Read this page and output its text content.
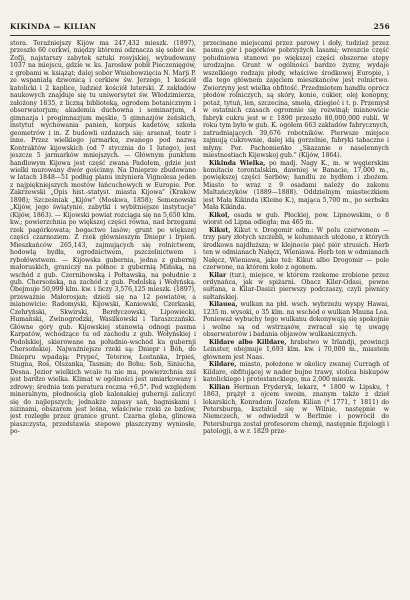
KIKINDA — KILIAN	256

stora. Teraźniejszy Kijów ma 247,432 mieszk. (1897), przeszło 60 cerkwi, między któremi odznacza się sobór św. Zofji, najstarszy zabytek sztuki rosyjskiej, wybudowany 1037 na miejscu, gdzie w. ks. Jarosław pobił Pieczenięgów, z grobami w. książąt; dalej sobór Wniebowzięcia N. Marji P. ze wspaniałą dzwonicą i cerkiew św. Jerzego, 1 kościół katolicki i 2 kaplice, ludzież kościół luterski. Z zakładów naukowych znajduje się tu uniwersytet św. Włodzimierza, założony 1835, z liczną biblioteką, ogrodem botanicznym i obserwatorjum; akademia duchowna i seminarjum, 4 gimnazja i progimnazjum męskie, 5 gimnazjów żeńskich, instytut wychowania panien, korpus kadetów, szkoła geometrów i in. Z budowli ozdazach się: arsenał, teatr i inne. Przez wielkiego jarmarku, zwanego pod nazwą Kontraktów kijowskich (od 7 stycznia do 1 lutego), jest jeszcze 5 jarmarków mniejszych. — Głównym punktem handlowym Kijowa jest część zwana Padołem, gdzie jest wielki murowany dwór gościnny. Na Dnieprze zbudowano w latach 1848—51 podług planu inżyniera Vignolesa jeden z najpiękniejszych mostów łańcuchowych w Europie. Por. Zakrzewski „Opis hist.-statyst. miasta Kijowa" (Kraków 1898); Szcześniak „Kijów" (Moskwa, 1858); Semenowski „Kijów, jego świątynie, zabytki i wybitniejsze instytucje" (Kijów, 1863). — Kijowski powiat rozciąga się na 5,650 klm. kw.; powierzchnia po większej części równa, nad brzegami rzek pagórkowata; bogactwo lasów; grunt po większej części czarnoziem. Z rzek głównieszym Dniepr i Irpień. Mieszkańców 265,143, zajmujących się rolnictwem, hodowlą bydła, ogrodnictwem, pszczelnictwem i rybołówstwem. — Kijowska gubernia, jedna z gubernij małoruskich, graniczy na północ z gubernią Mińską, na wschód z gub. Czernihowską i Połtawską, na południe z gub. Chersońską, na zachód z gub. Podolską i Wołyńską. Obejmuje 50,999 klm. kw. i liczy 3,576,125 mieszk. (1897), przeważnie Małorosjan; dzieli się na 12 powiatów, a mianowicie: Radomyski, Kijowski, Kaniowski, Czerkaski, Czehryński, Skwirski, Berdyczowski, Lipowiecki, Humański, Zwinogrodzki, Wasilkowski i Taraszczański. Główne góry gub. Kijowskiej stanowią odnogi pasma Karpatów, wchodzące tu od zachodu z gub. Wołyńskiej i Podolskiej, skierowane na południo-wschód ku gubernji Chersońskiej. Najważniejsze rzeki są: Dniepr i Bóh, do Dniepru wpadają: Prypeć, Teterew, Łostanka, Irpieś, Stugna, Roś, Olszanka, Tasmin; do Bohu: Sob, Siniucha, Desna. Jezior wielkich wcale tu nie ma, powierzchnia zaś jest bardzo wielka. Klimat w ogólności jest umiarkowany i zdrowy; średnia tem peratura roczna +6,5°. Pod względem mineralnym, płodnością gleb kalenskiej gubernji zaliczyć się do najlepszych; jednakże zapasy sań, bagniskami i nizinami, obszarem jest leśna, właściwie rzeki ze bzdów, jest rozległe przez granice grunt. Czarna gleba, glinowa piaszczysta, przedstawia stepowe płaszczyzny wyniosłe, po-

przecinane miejscami przez parowy i doły, tudzież przez pasma gór i pagórków pobrzyżych lasami; wreszcie część południowa stanowi po większej części obszerne stepy urodzajne. Grunt w ogólności bardzo żyzny, wydaje wszelkiego rodzaju płody, właściwe środkowej Europie, i dla tego głównem zajęciem mieszkańców jest rolnictwo. Zwierzyny jest wielka obfitość. Przedmiotem handlu oprócz płodów rolniczych, są skóry, konie, cukier, olej konopny, potaż, tytuń, len, szczecina, smoła, dziegieć i t. p. Przemysł w ostatnich czasach ogromnie się rozwinął; mianowicie fabryk cukru jest w r. 1890 przeszło 80,000,000 rubli. W roku tym było w gub. K. ogółem 663 zakładów fabrycznych, zatrudniających 39,676 robotników. Pierwsze miejsce zajmują cukrownie, dalej idą gorzelnie, fabryki tabaczne i młyny. Por. Pachomieńko „Skazanie o naselennych miestnostiach Kijewskoj gub." (Kijów, 1864).

Kikinda Wielka, po madj. Nagy K., m. w węgierskim komitacie torontalskim, dawniej w Banacie, 17,000 m., powiększej części Serbów; handlu ze bydłem i zbożem. Miasto to wraz z 9 osadami należy do zakonu Maltańczyków (1889—1888). Oddzielnym miasteczkiem jest Mała Kikinda (Kleine K.), mająca 5,700 m., po serbsku Mała Kikinda.

Kikol, osada w gub. Płockiej, pow. Lipnowskim, o 8 wiorst od Lipna odległa; ma 465 m.

Kikut, Kikut v. Drogomir odm.: W polu czerwonem — trzy pary złotych szczebli, w kolumnach ułożone, z których środkowa najdłuższa; w klejnocie pięć piór strusich. Herb ten w odmianach Nałęcz, Wieniawa. Herb ten w odmianach Nałęcz, Wieniawa, jako też: Kikut albo Drogomir — pole czerwone, na którem koło z ogonem.

Kilar (tur.), miejsce, w którem rzekome zrobione przez ordynańca, jak w spiżarni. Obacz Kiler-Odasi, pewne sułtana, a Kilar-Dasizi pierwszy podczaszy, czyli piwnicy sułtańskiej.

Kilauea, wulkan na płd. wsch. wybrzeżu wyspy Hawai, 1235 m. wysoki, o 35 klm. na wschód o wulkan Mauna Loa. Ponieważ wybuchy tego wulkanu dokonywają się spokojnie i wolne są od wstrząsów, zwracał się tę uwagę obserwatorów i badania objawów wulkanicznych.

Kildare albo Killdare, hrabstwo w Irlandji, prowincji Leinster, obejmuje 1,693 klm. kw. i 70,000 m., miastem głównem jest Naas.

Kildare, miasto, położone w okolicy zwanej Curragh of Kildare, obfitującej w nader bujne trawy, stolica biskupów katolickiego i protestanckiego, ma 2,000 mieszk.

Kilian Herman Fryderyk, lekarz, * 1800 w Lipsku, † 1863, prążył z ojcem swoim, znanym także z dzieł lekarskich, Konradem Józefem Kilian (* 1771, † 1811) do Petersburga, kształcił się w Wilnie, następnie w Niemczech, w odwiedził w Berlinie i powrócił do Petersburga został profesorem chemji, następnie fizjologji i patologji, a w r. 1829 prze-
